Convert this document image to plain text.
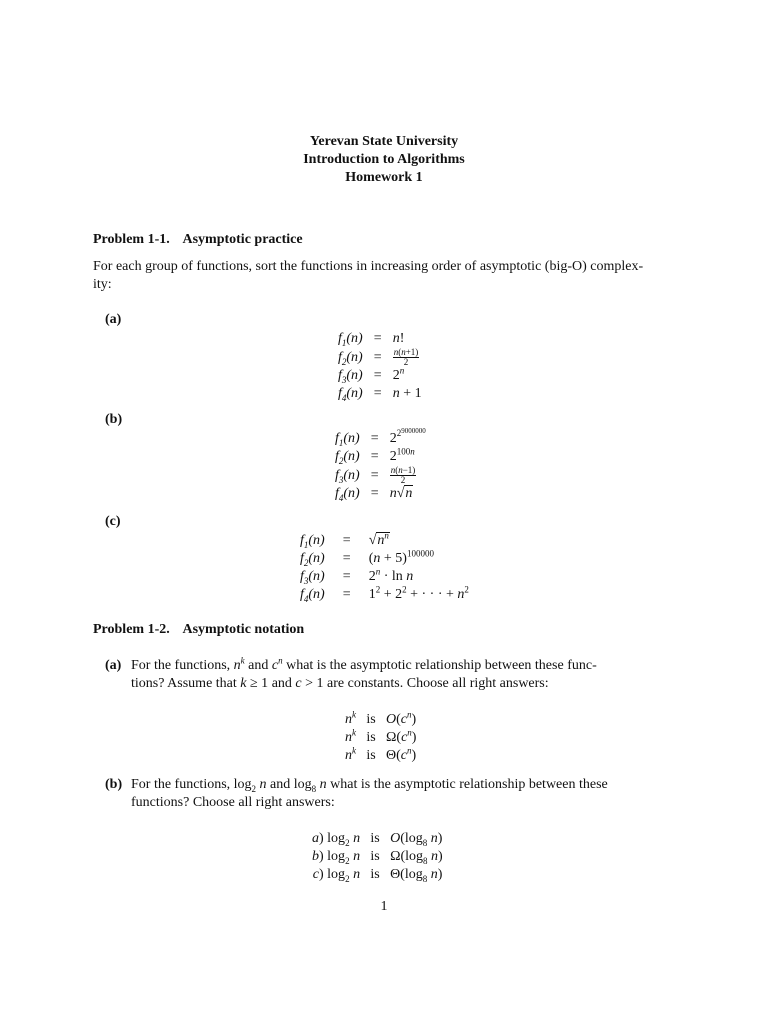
Yerevan State University
Introduction to Algorithms
Homework 1
Problem 1-1. Asymptotic practice
For each group of functions, sort the functions in increasing order of asymptotic (big-O) complex-
ity:
(a)
$f_1(n)$	=	n!
$f_2(n)$	=	$\frac{n(n+1)}{2}$

$f_3(n)$	=	$2^n$
$f_4(n)$	=	n + 1
(b)
$f_1(n)$	=	$2^{2^{9000000}}$
$f_2(n)$	=	$2^{100n}$
$f_3(n)$	=	$\frac{n(n-1)}{2}$

$f_4(n)$	=	n√n
(c)
$f_1(n)$	=	$√n^n$
$f_2(n)$	=	$(n + 5)^{100000}$
$f_3(n)$	=	$2^n \cdot \ln n$
$f_4(n)$	=	$1^2 + 2^2$ + · · · + $n^2$
Problem 1-2. Asymptotic notation
(a) For the functions, $n^k$ and $c^n$ what is the asymptotic relationship between these func-
tions? Assume that k ≥ 1 and c > 1 are constants. Choose all right answers:
$n^k$	is	$O(c^n)$
$n^k$	is	$\Omega(c^n)$
$n^k$	is	$\Theta(c^n)$
(b) For the functions, $\log_2 n$ and $\log_8 n$ what is the asymptotic relationship between these
functions? Choose all right answers:
a) $\log_2 n$	is	$O(\log_8$ n)
b) $\log_2 n$	is	$\Omega(\log_8$ n)
c) $\log_2 n$	is	$\Theta(\log_8$ n)
1
